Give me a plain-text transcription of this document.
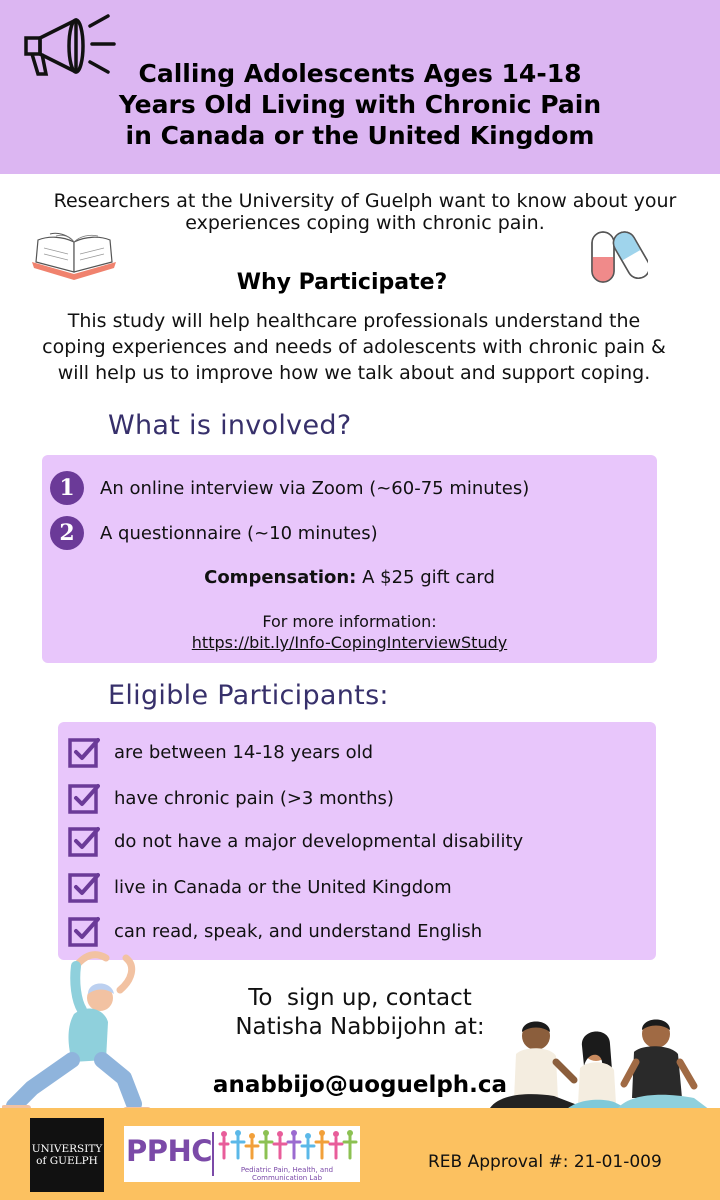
Calling Adolescents Ages 14-18
Years Old Living with Chronic Pain
in Canada or the United Kingdom
Researchers at the University of Guelph want to know about your
experiences coping with chronic pain.
Why Participate?
This study will help healthcare professionals understand the
coping experiences and needs of adolescents with chronic pain &
will help us to improve how we talk about and support coping.
What is involved?
1	An online interview via Zoom (~60-75 minutes)
2	A questionnaire (~10 minutes)
Compensation: A $25 gift card
For more information:
https://bit.ly/Info-CopingInterviewStudy
Eligible Participants:
are between 14-18 years old
have chronic pain (>3 months)
do not have a major developmental disability
live in Canada or the United Kingdom
can read, speak, and understand English
To  sign up, contact
Natisha Nabbijohn at:
anabbijo@uoguelph.ca
UNIVERSITY
of GUELPH PPHC
Pediatric Pain, Health, and Communication Lab
REB Approval #: 21-01-009
